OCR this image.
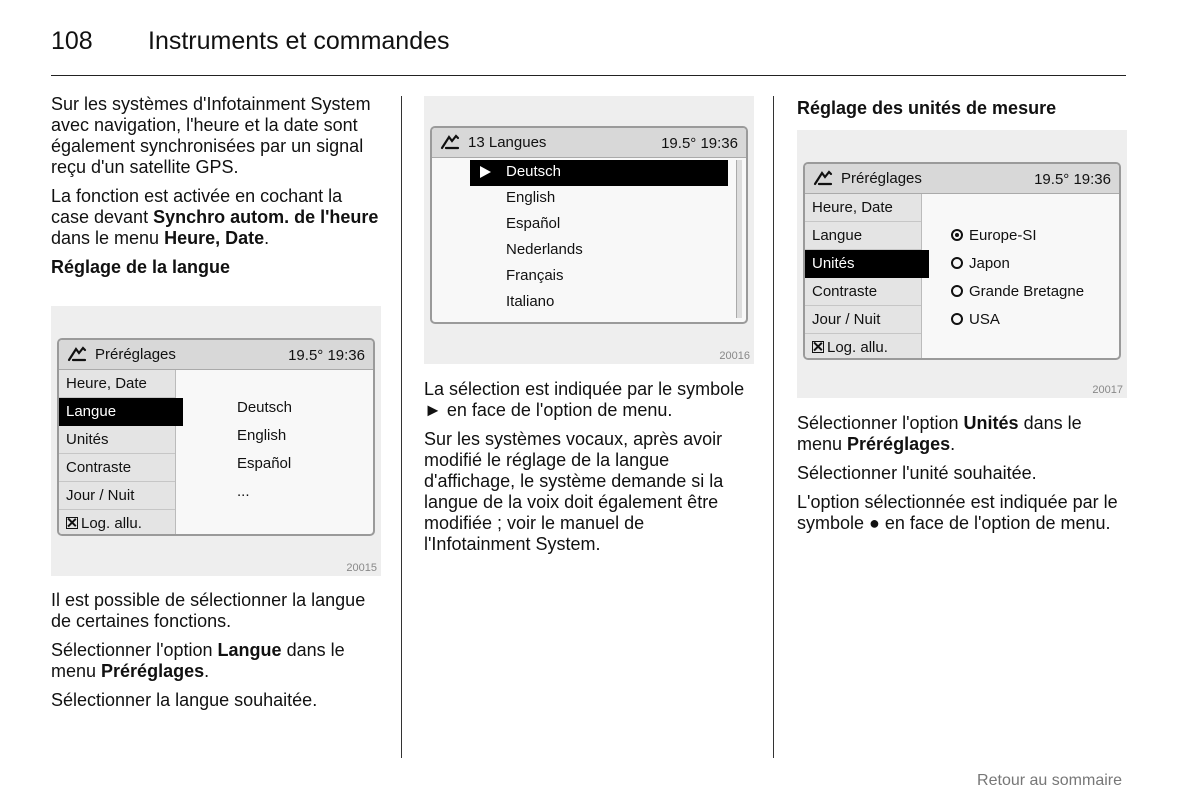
108 Instruments et commandes

Sur les systèmes d'Infotainment System avec navigation, l'heure et la date sont également synchronisées par un signal reçu d'un satellite GPS.

La fonction est activée en cochant la case devant Synchro autom. de l'heure dans le menu Heure, Date.

Réglage de la langue
Préréglages	19.5° 19:36
Heure, Date
Langue
Unités
Contraste
Jour / Nuit
Log. allu.
Deutsch
English
Español
...
20015

Il est possible de sélectionner la langue de certaines fonctions.

Sélectionner l'option Langue dans le menu Préréglages.

Sélectionner la langue souhaitée.

13 Langues	19.5° 19:36
Deutsch
English
Español
Nederlands
Français
Italiano
20016

La sélection est indiquée par le symbole ► en face de l'option de menu.

Sur les systèmes vocaux, après avoir modifié le réglage de la langue d'affichage, le système demande si la langue de la voix doit également être modifiée ; voir le manuel de l'Infotainment System.

Réglage des unités de mesure
Préréglages	19.5° 19:36
Heure, Date
Langue
Unités
Contraste
Jour / Nuit
Log. allu.
Europe-SI
Japon
Grande Bretagne
USA
20017

Sélectionner l'option Unités dans le menu Préréglages.

Sélectionner l'unité souhaitée.

L'option sélectionnée est indiquée par le symbole ● en face de l'option de menu.

Retour au sommaire
